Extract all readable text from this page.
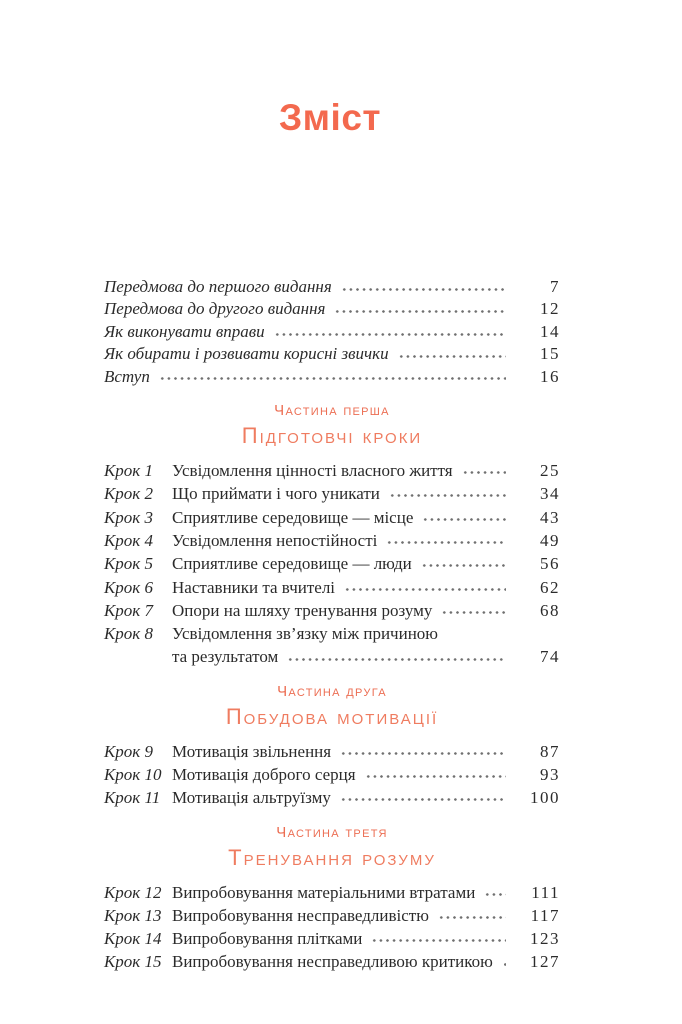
Зміст
Передмова до першого видання	7
Передмова до другого видання	12
Як виконувати вправи	14
Як обирати і розвивати корисні звички	15
Вступ	16
Частина перша
Підготовчі кроки
Крок 1	Усвідомлення цінності власного життя	25
Крок 2	Що приймати і чого уникати	34
Крок 3	Сприятливе середовище — місце	43
Крок 4	Усвідомлення непостійності	49
Крок 5	Сприятливе середовище — люди	56
Крок 6	Наставники та вчителі	62
Крок 7	Опори на шляху тренування розуму	68
Крок 8	Усвідомлення зв’язку між причиною
та результатом	74
Частина друга
Побудова мотивації
Крок 9	Мотивація звільнення	87
Крок 10 Мотивація доброго серця	93
Крок 11 Мотивація альтруїзму	100
Частина третя
Тренування розуму
Крок 12 Випробовування матеріальними втратами	111
Крок 13 Випробовування несправедливістю	117
Крок 14 Випробовування плітками	123
Крок 15 Випробовування несправедливою критикою	127
